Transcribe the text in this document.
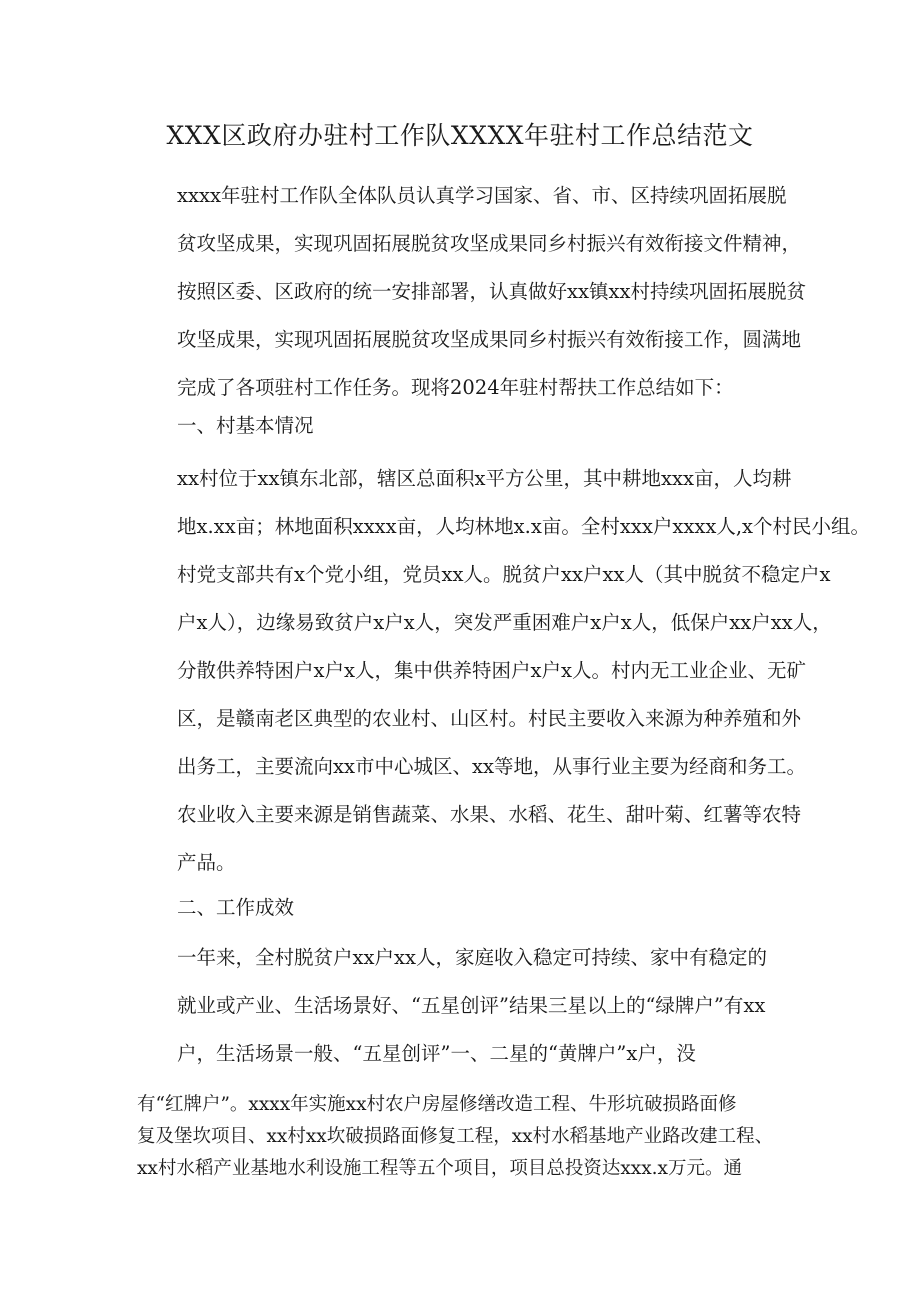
XXX区政府办驻村工作队XXXX年驻村工作总结范文
xxxx年驻村工作队全体队员认真学习国家、省、市、区持续巩固拓展脱
贫攻坚成果，实现巩固拓展脱贫攻坚成果同乡村振兴有效衔接文件精神，
按照区委、区政府的统一安排部署，认真做好xx镇xx村持续巩固拓展脱贫
攻坚成果，实现巩固拓展脱贫攻坚成果同乡村振兴有效衔接工作，圆满地
完成了各项驻村工作任务。现将2024年驻村帮扶工作总结如下：
一、村基本情况
xx村位于xx镇东北部，辖区总面积x平方公里，其中耕地xxx亩，人均耕
地x.xx亩；林地面积xxxx亩，人均林地x.x亩。全村xxx户xxxx人,x个村民小组。
村党支部共有x个党小组，党员xx人。脱贫户xx户xx人（其中脱贫不稳定户x
户x人），边缘易致贫户x户x人，突发严重困难户x户x人，低保户xx户xx人，
分散供养特困户x户x人，集中供养特困户x户x人。村内无工业企业、无矿
区，是赣南老区典型的农业村、山区村。村民主要收入来源为种养殖和外
出务工，主要流向xx市中心城区、xx等地，从事行业主要为经商和务工。
农业收入主要来源是销售蔬菜、水果、水稻、花生、甜叶菊、红薯等农特
产品。
二、工作成效
一年来，全村脱贫户xx户xx人，家庭收入稳定可持续、家中有稳定的
就业或产业、生活场景好、“五星创评”结果三星以上的“绿牌户”有xx
户，生活场景一般、“五星创评”一、二星的“黄牌户”x户，没
有“红牌户”。xxxx年实施xx村农户房屋修缮改造工程、牛形坑破损路面修
复及堡坎项目、xx村xx坎破损路面修复工程，xx村水稻基地产业路改建工程、
xx村水稻产业基地水利设施工程等五个项目，项目总投资达xxx.x万元。通
